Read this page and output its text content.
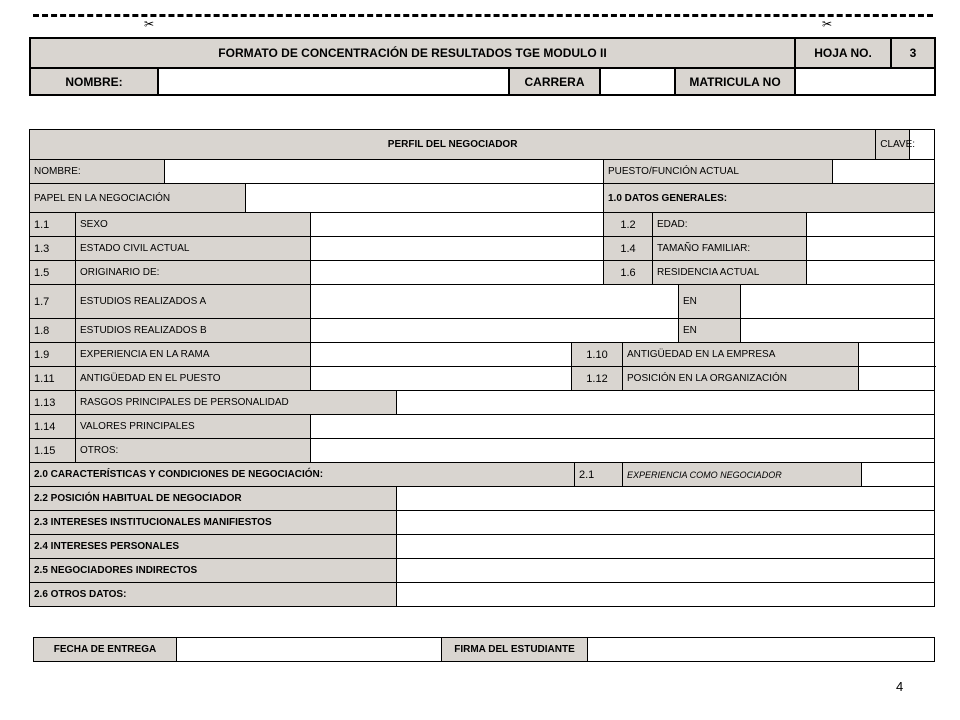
✂	✂
FORMATO DE CONCENTRACIÓN DE RESULTADOS TGE MODULO II					HOJA NO.	3
NOMBRE:		CARRERA		MATRICULA NO		
PERFIL DEL NEGOCIADOR																	CLAVE:	
NOMBRE:								PUESTO/FUNCIÓN ACTUAL										
PAPEL EN LA NEGOCIACIÓN								1.0 DATOS GENERALES:										
1.1	SEXO							1.2		EDAD:								
1.3	ESTADO CIVIL ACTUAL							1.4		TAMAÑO FAMILIAR:								
1.5	ORIGINARIO DE:							1.6		RESIDENCIA ACTUAL								
1.7	ESTUDIOS REALIZADOS A										EN							
1.8	ESTUDIOS REALIZADOS B										EN							
1.9	EXPERIENCIA EN LA RAMA					1.10			ANTIGÜEDAD EN LA EMPRESA									
1.11	ANTIGÜEDAD EN EL PUESTO					1.12			POSICIÓN EN LA ORGANIZACIÓN									
1.13	RASGOS PRINCIPALES DE PERSONALIDAD																	
1.14	VALORES PRINCIPALES																	
1.15	OTROS:																	
2.0 CARACTERÍSTICAS Y CONDICIONES DE NEGOCIACIÓN:							2.1		EXPERIENCIA COMO NEGOCIADOR									
2.2 POSICIÓN HABITUAL DE NEGOCIADOR																		
2.3 INTERESES INSTITUCIONALES MANIFIESTOS																		
2.4 INTERESES PERSONALES																		
2.5 NEGOCIADORES INDIRECTOS																		
2.6 OTROS DATOS:																		
FECHA DE ENTREGA		FIRMA DEL ESTUDIANTE	
4
